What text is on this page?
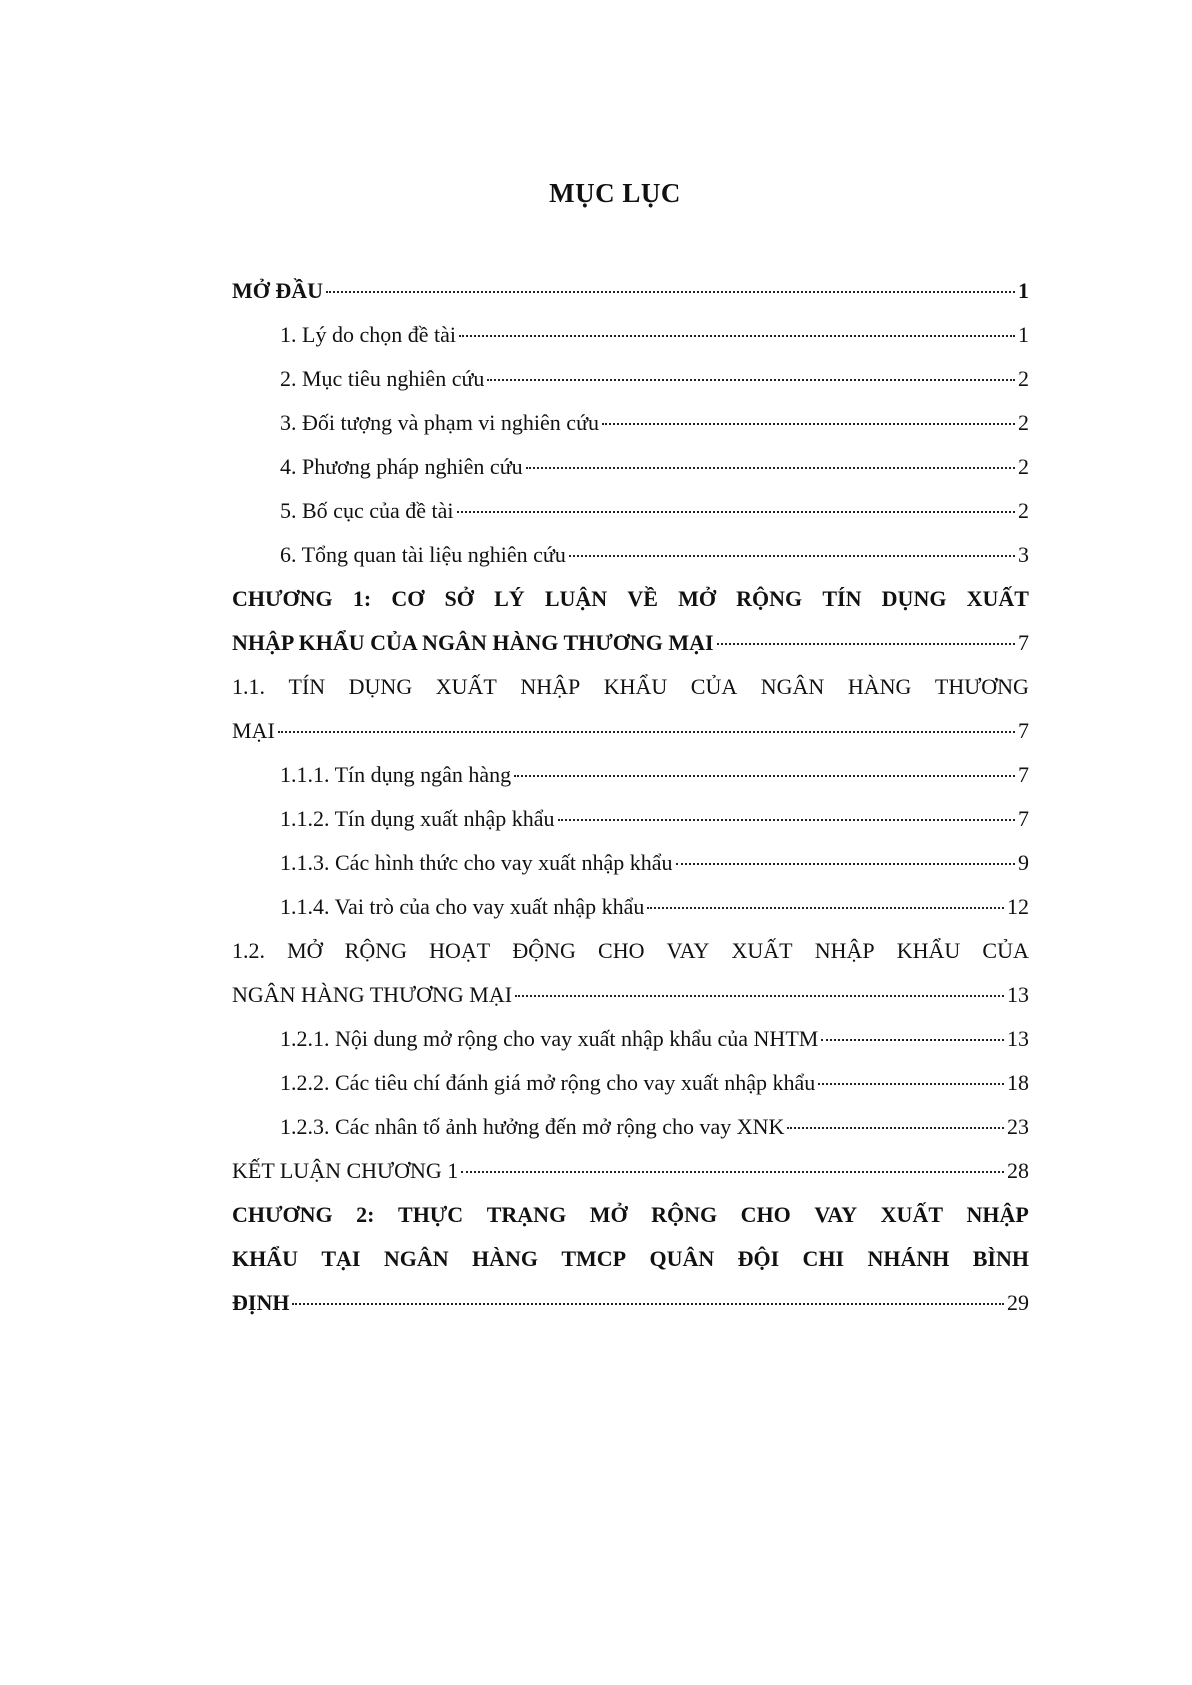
MỤC LỤC
MỞ ĐẦU	1
1. Lý do chọn đề tài	1
2. Mục tiêu nghiên cứu	2
3. Đối tượng và phạm vi nghiên cứu	2
4. Phương pháp nghiên cứu	2
5. Bố cục của đề tài	2
6. Tổng quan tài liệu nghiên cứu	3
CHƯƠNG 1: CƠ SỞ LÝ LUẬN VỀ MỞ RỘNG TÍN DỤNG XUẤT
NHẬP KHẨU CỦA NGÂN HÀNG THƯƠNG MẠI	7
1.1. TÍN DỤNG XUẤT NHẬP KHẨU CỦA NGÂN HÀNG THƯƠNG
MẠI	7
1.1.1. Tín dụng ngân hàng	7
1.1.2. Tín dụng xuất nhập khẩu	7
1.1.3. Các hình thức cho vay xuất nhập khẩu	9
1.1.4. Vai trò của cho vay xuất nhập khẩu	12
1.2. MỞ RỘNG HOẠT ĐỘNG CHO VAY XUẤT NHẬP KHẨU CỦA
NGÂN HÀNG THƯƠNG MẠI	13
1.2.1. Nội dung mở rộng cho vay xuất nhập khẩu của NHTM	13
1.2.2. Các tiêu chí đánh giá mở rộng cho vay xuất nhập khẩu	18
1.2.3. Các nhân tố ảnh hưởng đến mở rộng cho vay XNK	23
KẾT LUẬN CHƯƠNG 1	28
CHƯƠNG 2: THỰC TRẠNG MỞ RỘNG CHO VAY XUẤT NHẬP
KHẨU TẠI NGÂN HÀNG TMCP QUÂN ĐỘI CHI NHÁNH BÌNH
ĐỊNH	29
